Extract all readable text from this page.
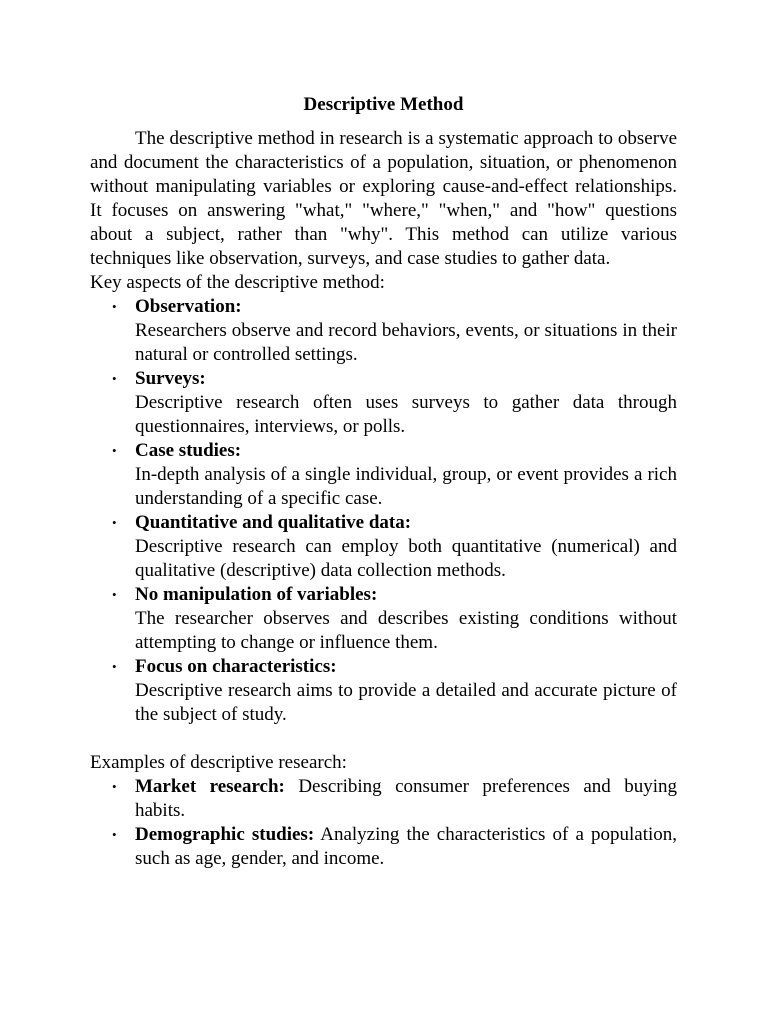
Descriptive Method

The descriptive method in research is a systematic approach to observe and document the characteristics of a population, situation, or phenomenon without manipulating variables or exploring cause-and-effect relationships. It focuses on answering "what," "where," "when," and "how" questions about a subject, rather than "why". This method can utilize various techniques like observation, surveys, and case studies to gather data.

Key aspects of the descriptive method:

• Observation:
Researchers observe and record behaviors, events, or situations in their natural or controlled settings.
• Surveys:
Descriptive research often uses surveys to gather data through questionnaires, interviews, or polls.
• Case studies:
In-depth analysis of a single individual, group, or event provides a rich understanding of a specific case.
• Quantitative and qualitative data:
Descriptive research can employ both quantitative (numerical) and qualitative (descriptive) data collection methods.
• No manipulation of variables:
The researcher observes and describes existing conditions without attempting to change or influence them.
• Focus on characteristics:
Descriptive research aims to provide a detailed and accurate picture of the subject of study.

Examples of descriptive research:

• Market research: Describing consumer preferences and buying habits.
• Demographic studies: Analyzing the characteristics of a population, such as age, gender, and income.
